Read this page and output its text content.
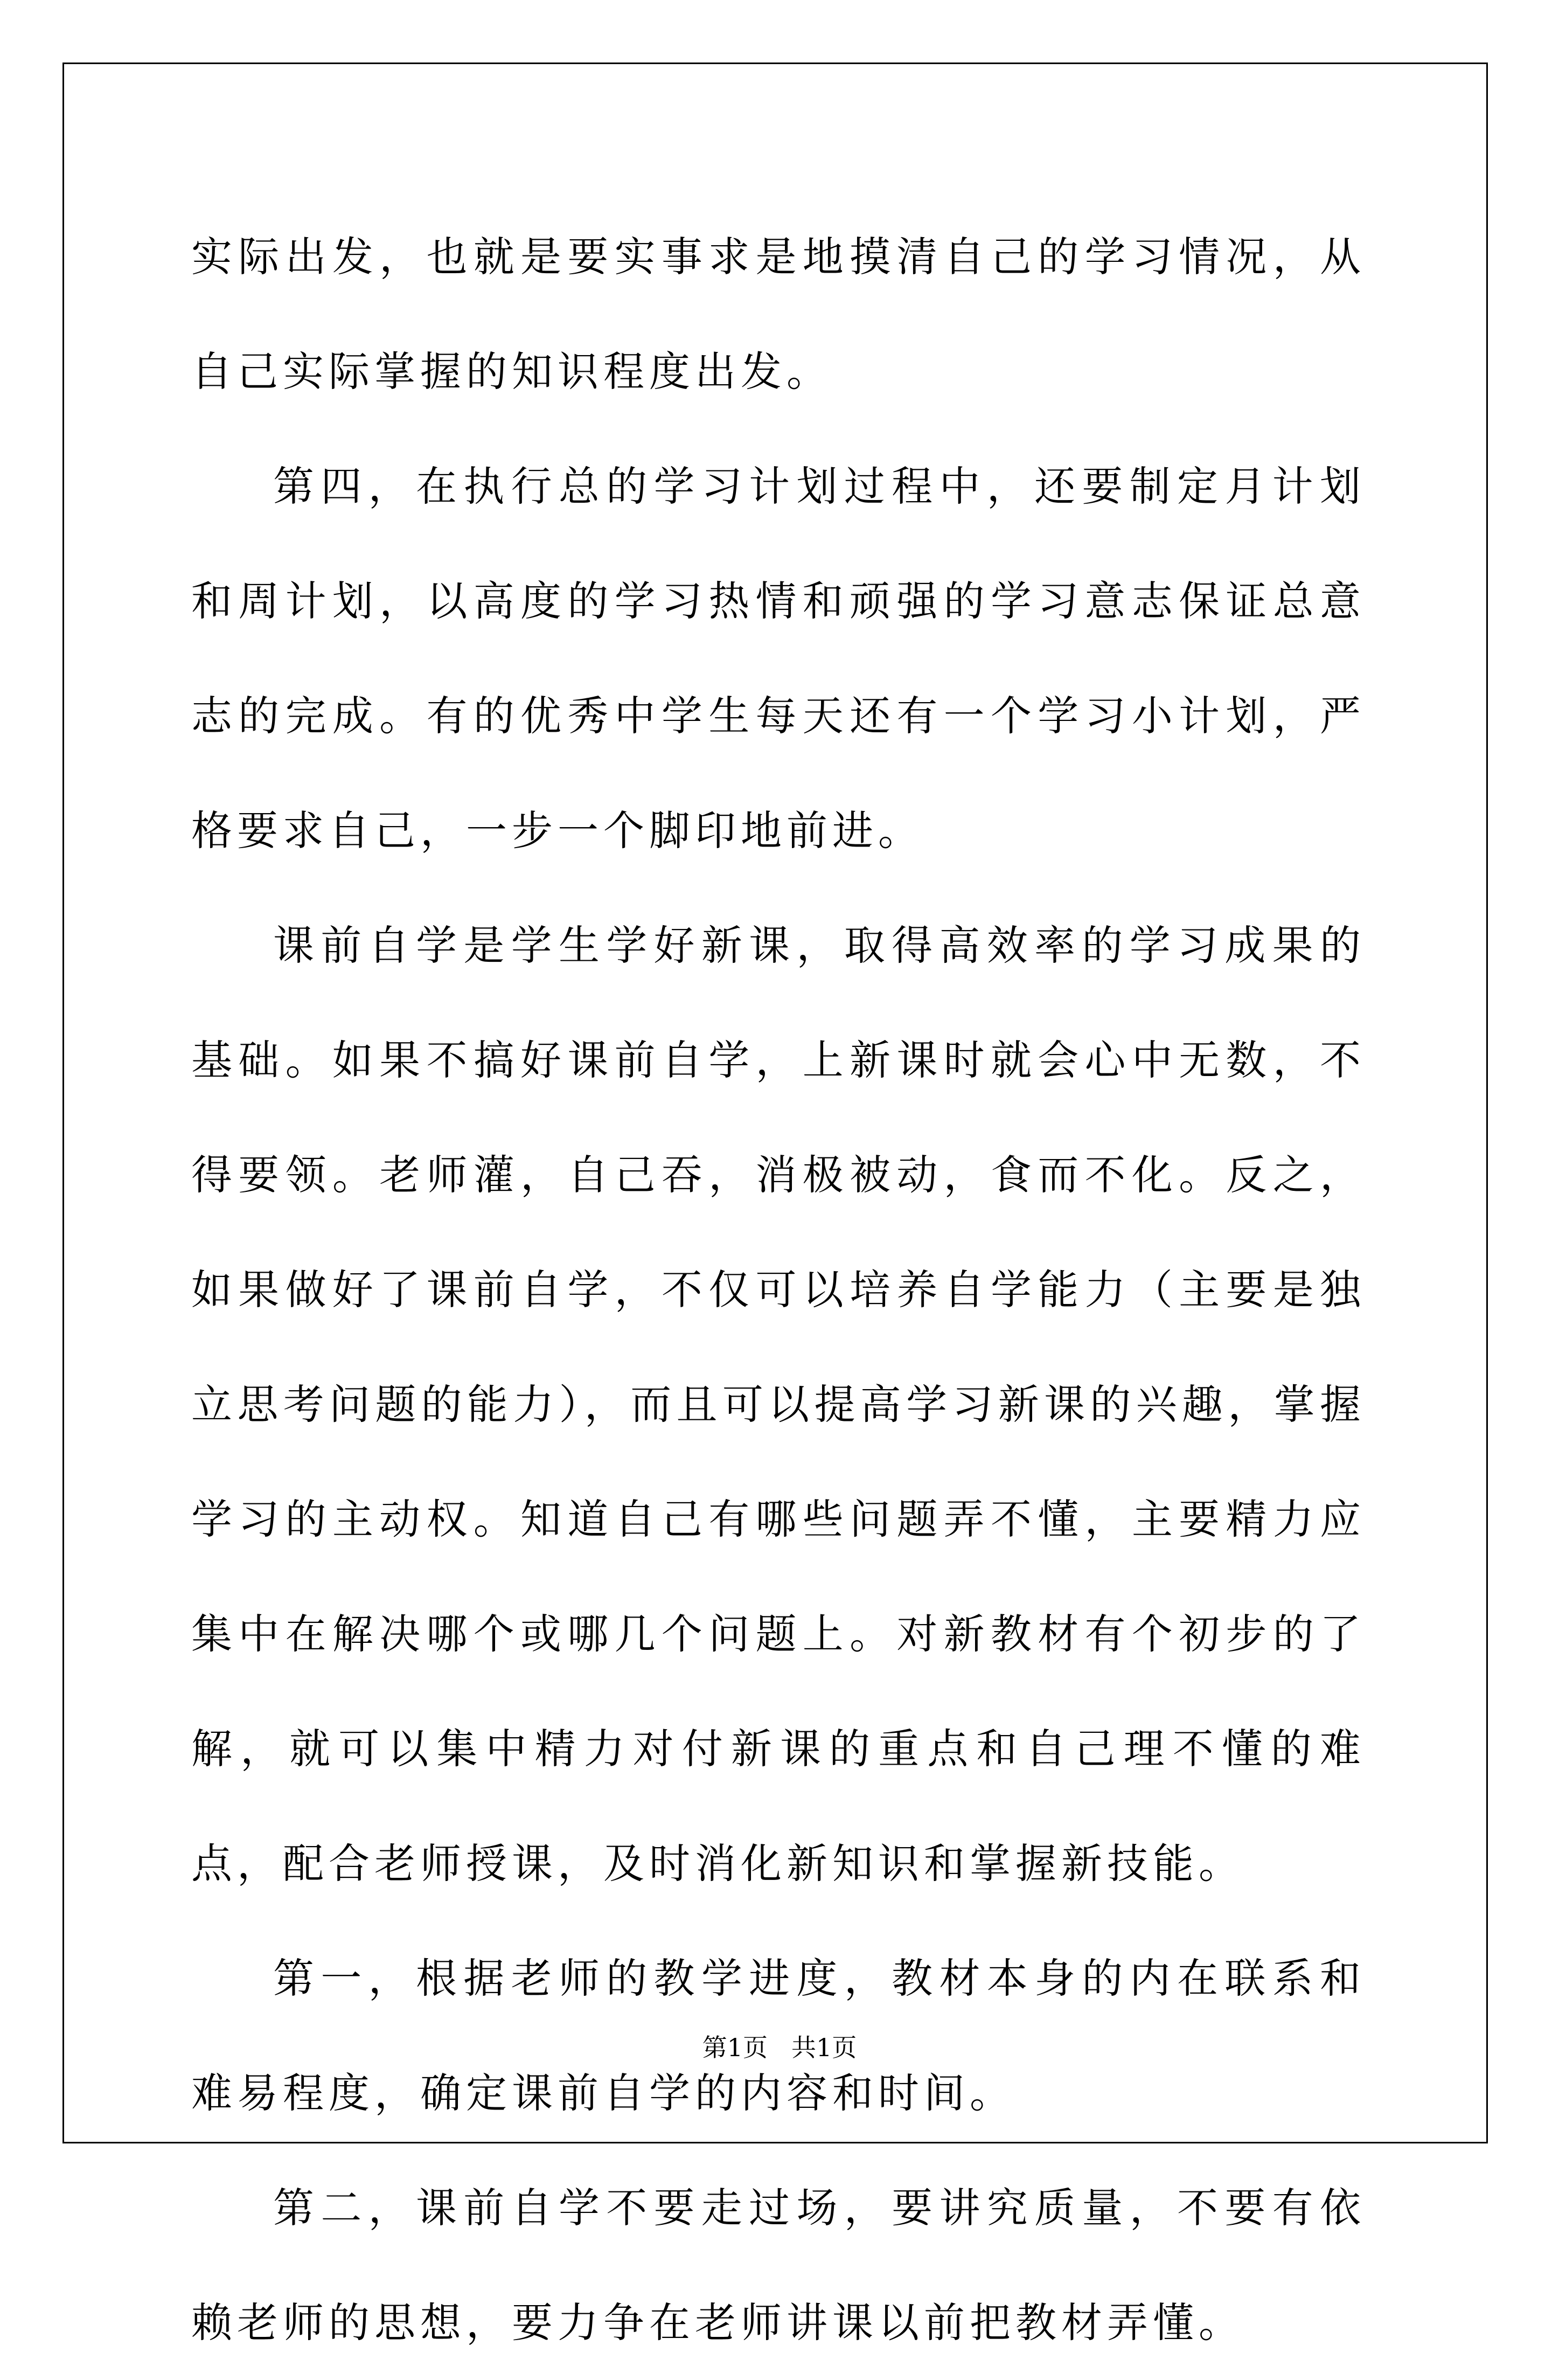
实际出发，也就是要实事求是地摸清自己的学习情况，从自己实际掌握的知识程度出发。

第四，在执行总的学习计划过程中，还要制定月计划和周计划，以高度的学习热情和顽强的学习意志保证总意志的完成。有的优秀中学生每天还有一个学习小计划，严格要求自己，一步一个脚印地前进。

课前自学是学生学好新课，取得高效率的学习成果的基础。如果不搞好课前自学，上新课时就会心中无数，不得要领。老师灌，自己吞，消极被动，食而不化。反之，如果做好了课前自学，不仅可以培养自学能力（主要是独立思考问题的能力），而且可以提高学习新课的兴趣，掌握学习的主动权。知道自己有哪些问题弄不懂，主要精力应集中在解决哪个或哪几个问题上。对新教材有个初步的了解，就可以集中精力对付新课的重点和自己理不懂的难点，配合老师授课，及时消化新知识和掌握新技能。

第一，根据老师的教学进度，教材本身的内在联系和难易程度，确定课前自学的内容和时间。

第二，课前自学不要走过场，要讲究质量，不要有依赖老师的思想，要力争在老师讲课以前把教材弄懂。

第1页 共1页
